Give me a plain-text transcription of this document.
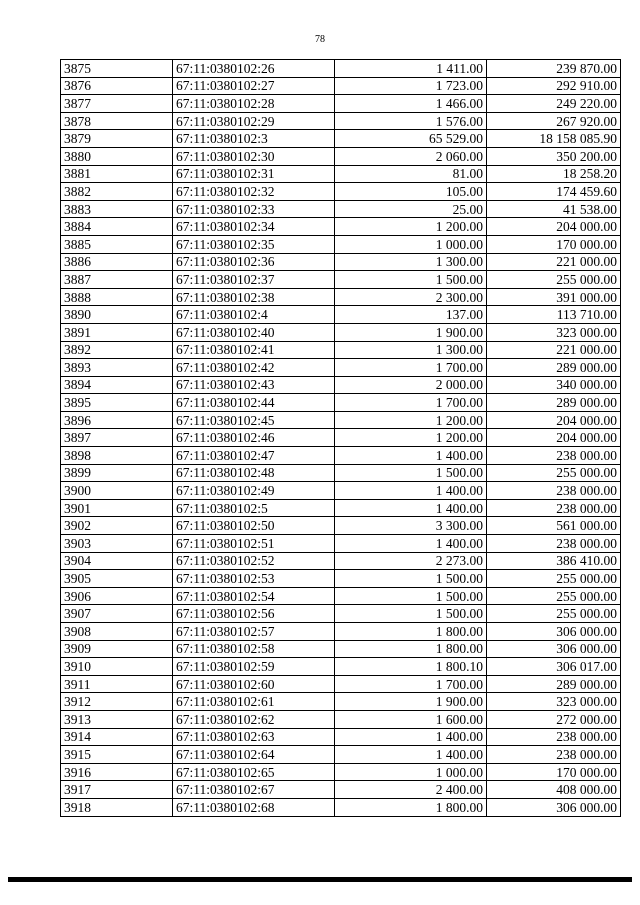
78
3875	67:11:0380102:26	1 411.00	239 870.00
3876	67:11:0380102:27	1 723.00	292 910.00
3877	67:11:0380102:28	1 466.00	249 220.00
3878	67:11:0380102:29	1 576.00	267 920.00
3879	67:11:0380102:3	65 529.00	18 158 085.90
3880	67:11:0380102:30	2 060.00	350 200.00
3881	67:11:0380102:31	81.00	18 258.20
3882	67:11:0380102:32	105.00	174 459.60
3883	67:11:0380102:33	25.00	41 538.00
3884	67:11:0380102:34	1 200.00	204 000.00
3885	67:11:0380102:35	1 000.00	170 000.00
3886	67:11:0380102:36	1 300.00	221 000.00
3887	67:11:0380102:37	1 500.00	255 000.00
3888	67:11:0380102:38	2 300.00	391 000.00
3890	67:11:0380102:4	137.00	113 710.00
3891	67:11:0380102:40	1 900.00	323 000.00
3892	67:11:0380102:41	1 300.00	221 000.00
3893	67:11:0380102:42	1 700.00	289 000.00
3894	67:11:0380102:43	2 000.00	340 000.00
3895	67:11:0380102:44	1 700.00	289 000.00
3896	67:11:0380102:45	1 200.00	204 000.00
3897	67:11:0380102:46	1 200.00	204 000.00
3898	67:11:0380102:47	1 400.00	238 000.00
3899	67:11:0380102:48	1 500.00	255 000.00
3900	67:11:0380102:49	1 400.00	238 000.00
3901	67:11:0380102:5	1 400.00	238 000.00
3902	67:11:0380102:50	3 300.00	561 000.00
3903	67:11:0380102:51	1 400.00	238 000.00
3904	67:11:0380102:52	2 273.00	386 410.00
3905	67:11:0380102:53	1 500.00	255 000.00
3906	67:11:0380102:54	1 500.00	255 000.00
3907	67:11:0380102:56	1 500.00	255 000.00
3908	67:11:0380102:57	1 800.00	306 000.00
3909	67:11:0380102:58	1 800.00	306 000.00
3910	67:11:0380102:59	1 800.10	306 017.00
3911	67:11:0380102:60	1 700.00	289 000.00
3912	67:11:0380102:61	1 900.00	323 000.00
3913	67:11:0380102:62	1 600.00	272 000.00
3914	67:11:0380102:63	1 400.00	238 000.00
3915	67:11:0380102:64	1 400.00	238 000.00
3916	67:11:0380102:65	1 000.00	170 000.00
3917	67:11:0380102:67	2 400.00	408 000.00
3918	67:11:0380102:68	1 800.00	306 000.00
